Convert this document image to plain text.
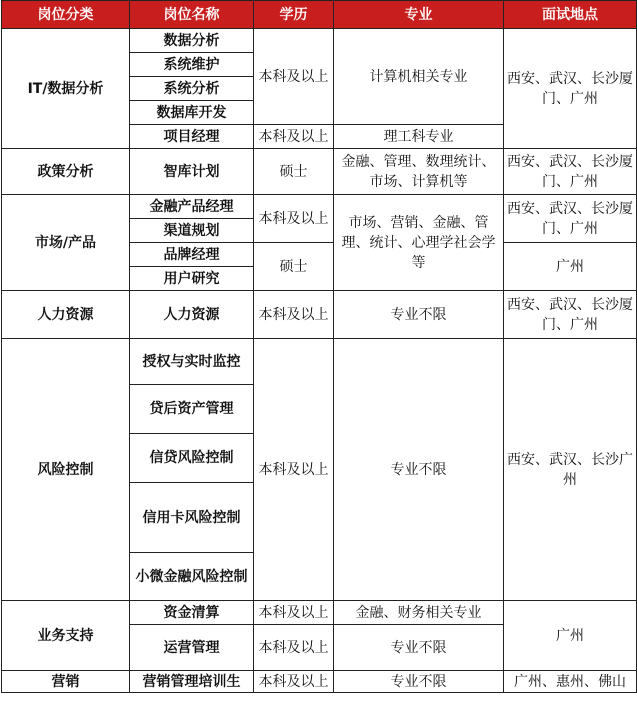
岗位分类	岗位名称	学历	专业	面试地点
IT/数据分析	数据分析	本科及以上	计算机相关专业	西安、武汉、长沙厦门、广州
	系统维护			
	系统分析			
	数据库开发			
	项目经理	本科及以上	理工科专业	
政策分析	智库计划	硕士	金融、管理、数理统计、市场、计算机等	西安、武汉、长沙厦门、广州
市场/产品	金融产品经理	本科及以上	市场、营销、金融、管理、统计、心理学社会学等	西安、武汉、长沙厦门、广州
	渠道规划			
	品牌经理	硕士		广州
	用户研究			
人力资源	人力资源	本科及以上	专业不限	西安、武汉、长沙厦门、广州
风险控制	授权与实时监控	本科及以上	专业不限	西安、武汉、长沙广州
	贷后资产管理			
	信贷风险控制			
	信用卡风险控制			
	小微金融风险控制			
业务支持	资金清算	本科及以上	金融、财务相关专业	广州
	运营管理	本科及以上	专业不限	
营销	营销管理培训生	本科及以上	专业不限	广州、惠州、佛山
